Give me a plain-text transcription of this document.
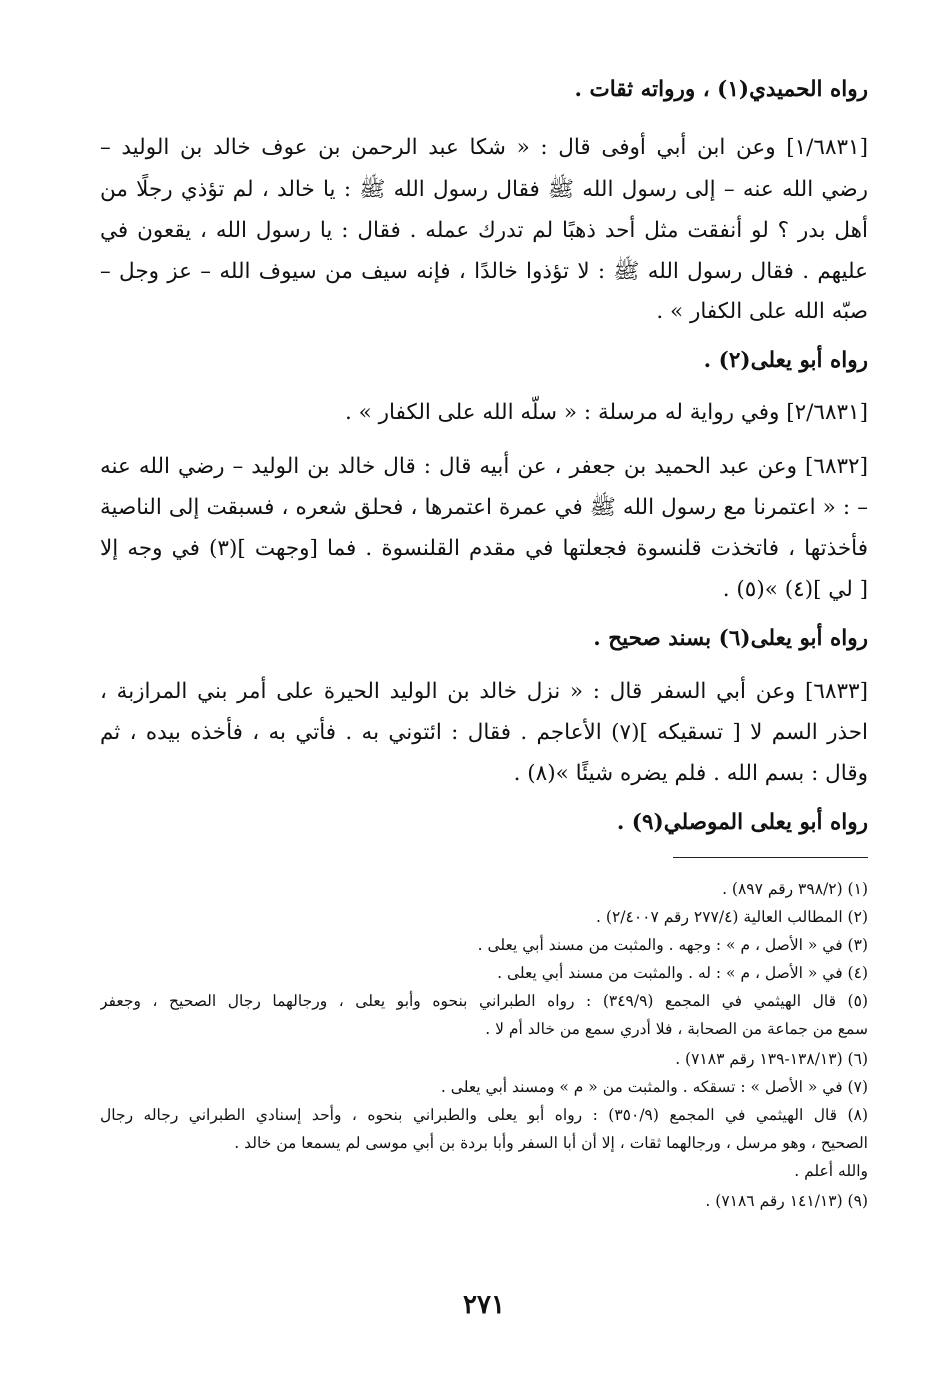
رواه الحميدي(١) ، ورواته ثقات .
[١/٦٨٣١] وعن ابن أبي أوفى قال : « شكا عبد الرحمن بن عوف خالد بن الوليد –
رضي الله عنه – إلى رسول الله ﷺ فقال رسول الله ﷺ : يا خالد ، لم تؤذي رجلًا من
أهل بدر ؟ لو أنفقت مثل أحد ذهبًا لم تدرك عمله . فقال : يا رسول الله ، يقعون في
عليهم . فقال رسول الله ﷺ : لا تؤذوا خالدًا ، فإنه سيف من سيوف الله – عز وجل –
صبّه الله على الكفار » .
رواه أبو يعلى(٢) .
[٢/٦٨٣١] وفي رواية له مرسلة : « سلّه الله على الكفار » .
[٦٨٣٢] وعن عبد الحميد بن جعفر ، عن أبيه قال : قال خالد بن الوليد – رضي الله عنه
– : « اعتمرنا مع رسول الله ﷺ في عمرة اعتمرها ، فحلق شعره ، فسبقت إلى الناصية
فأخذتها ، فاتخذت قلنسوة فجعلتها في مقدم القلنسوة . فما [وجهت ](٣) في وجه إلا
[ لي ](٤) »(٥) .
رواه أبو يعلى(٦) بسند صحيح .
[٦٨٣٣] وعن أبي السفر قال : « نزل خالد بن الوليد الحيرة على أمر بني المرازبة ،
احذر السم لا [ تسقيكه ](٧) الأعاجم . فقال : ائتوني به . فأتي به ، فأخذه بيده ، ثم
وقال : بسم الله . فلم يضره شيئًا »(٨) .
رواه أبو يعلى الموصلي(٩) .
(١) (٣٩٨/٢ رقم ٨٩٧) .
(٢) المطالب العالية (٢٧٧/٤ رقم ٢/٤٠٠٧) .
(٣) في « الأصل ، م » : وجهه . والمثبت من مسند أبي يعلى .
(٤) في « الأصل ، م » : له . والمثبت من مسند أبي يعلى .
(٥) قال الهيثمي في المجمع (٣٤٩/٩) : رواه الطبراني بنحوه وأبو يعلى ، ورجالهما رجال الصحيح ، وجعفر
سمع من جماعة من الصحابة ، فلا أدري سمع من خالد أم لا .
(٦) (١٣٨/١٣-١٣٩ رقم ٧١٨٣) .
(٧) في « الأصل » : تسقكه . والمثبت من « م » ومسند أبي يعلى .
(٨) قال الهيثمي في المجمع (٣٥٠/٩) : رواه أبو يعلى والطبراني بنحوه ، وأحد إسنادي الطبراني رجاله رجال
الصحيح ، وهو مرسل ، ورجالهما ثقات ، إلا أن أبا السفر وأبا بردة بن أبي موسى لم يسمعا من خالد .
والله أعلم .
(٩) (١٤١/١٣ رقم ٧١٨٦) .
٢٧١
